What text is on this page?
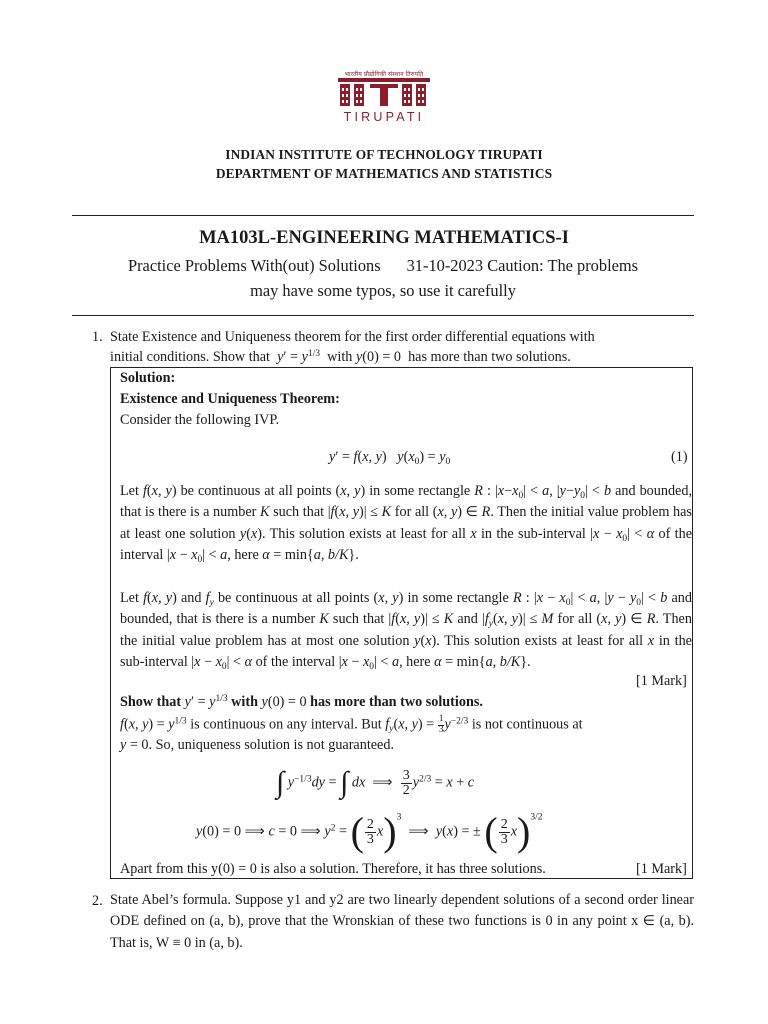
भारतीय प्रौद्योगिकी संस्थान तिरुपति
TIRUPATI
INDIAN INSTITUTE OF TECHNOLOGY TIRUPATI
DEPARTMENT OF MATHEMATICS AND STATISTICS
MA103L-ENGINEERING MATHEMATICS-I
Practice Problems With(out) Solutions 31-10-2023 Caution: The problems
may have some typos, so use it carefully
1. State Existence and Uniqueness theorem for the first order differential equations with
initial conditions. Show that $y' = y^{1/3}$  with y(0) = 0  has more than two solutions.
Solution:
Existence and Uniqueness Theorem:
Consider the following IVP.
y′ = f(x, y)   $y(x_0) = y_0$	(1)
Let f(x, y) be continuous at all points (x, y) in some rectangle R : $|x-x_0| < a$, $|y-y_0| < b$ and bounded, that is there is a number K such that |f(x, y)| ≤ K for all (x, y) ∈ R. Then the initial value problem has at least one solution y(x). This solution exists at least for all x in the sub-interval $|x - x_0| < \alpha$ of the interval $|x - x_0| < a$, here α = min{a, b/K}.
Let f(x, y) and $f_y$ be continuous at all points (x, y) in some rectangle R : $|x - x_0| < a$, $|y - y_0| < b$ and bounded, that is there is a number K such that |f(x, y)| ≤ K and $|f_y(x$, y)| ≤ M for all (x, y) ∈ R. Then the initial value problem has at most one solution y(x). This solution exists at least for all x in the sub-interval $|x - x_0| < \alpha$ of the interval $|x - x_0| < a$, here α = min{a, b/K}.
[1 Mark]
Show that $y' = y^{1/3}$ with y(0) = 0 has more than two solutions.
f(x, $y) = y^{1/3}$ is continuous on any interval. But $f_y(x$, $y) = \frac{1}{3} y^{-2/3}$ is not continuous at
y = 0. So, uniqueness solution is not guaranteed.
∫ $y^{-1/3}dy$ = ∫ dx  ⟹ $\frac{3}{2} y^{2/3} = x + c$
y(0) = 0 ⟹ c = 0 ⟹ $y^2$ = ( $\frac{2}{3} x)^3$  ⟹  y(x) = ± ( $\frac{2}{3} x)^{3/2}$
Apart from this y(0) = 0 is also a solution. Therefore, it has three solutions.	[1 Mark]
2. State Abel’s formula. Suppose y1 and y2 are two linearly dependent solutions of a second order linear ODE defined on (a, b), prove that the Wronskian of these two functions is 0 in any point x ∈ (a, b). That is, W ≡ 0 in (a, b).
